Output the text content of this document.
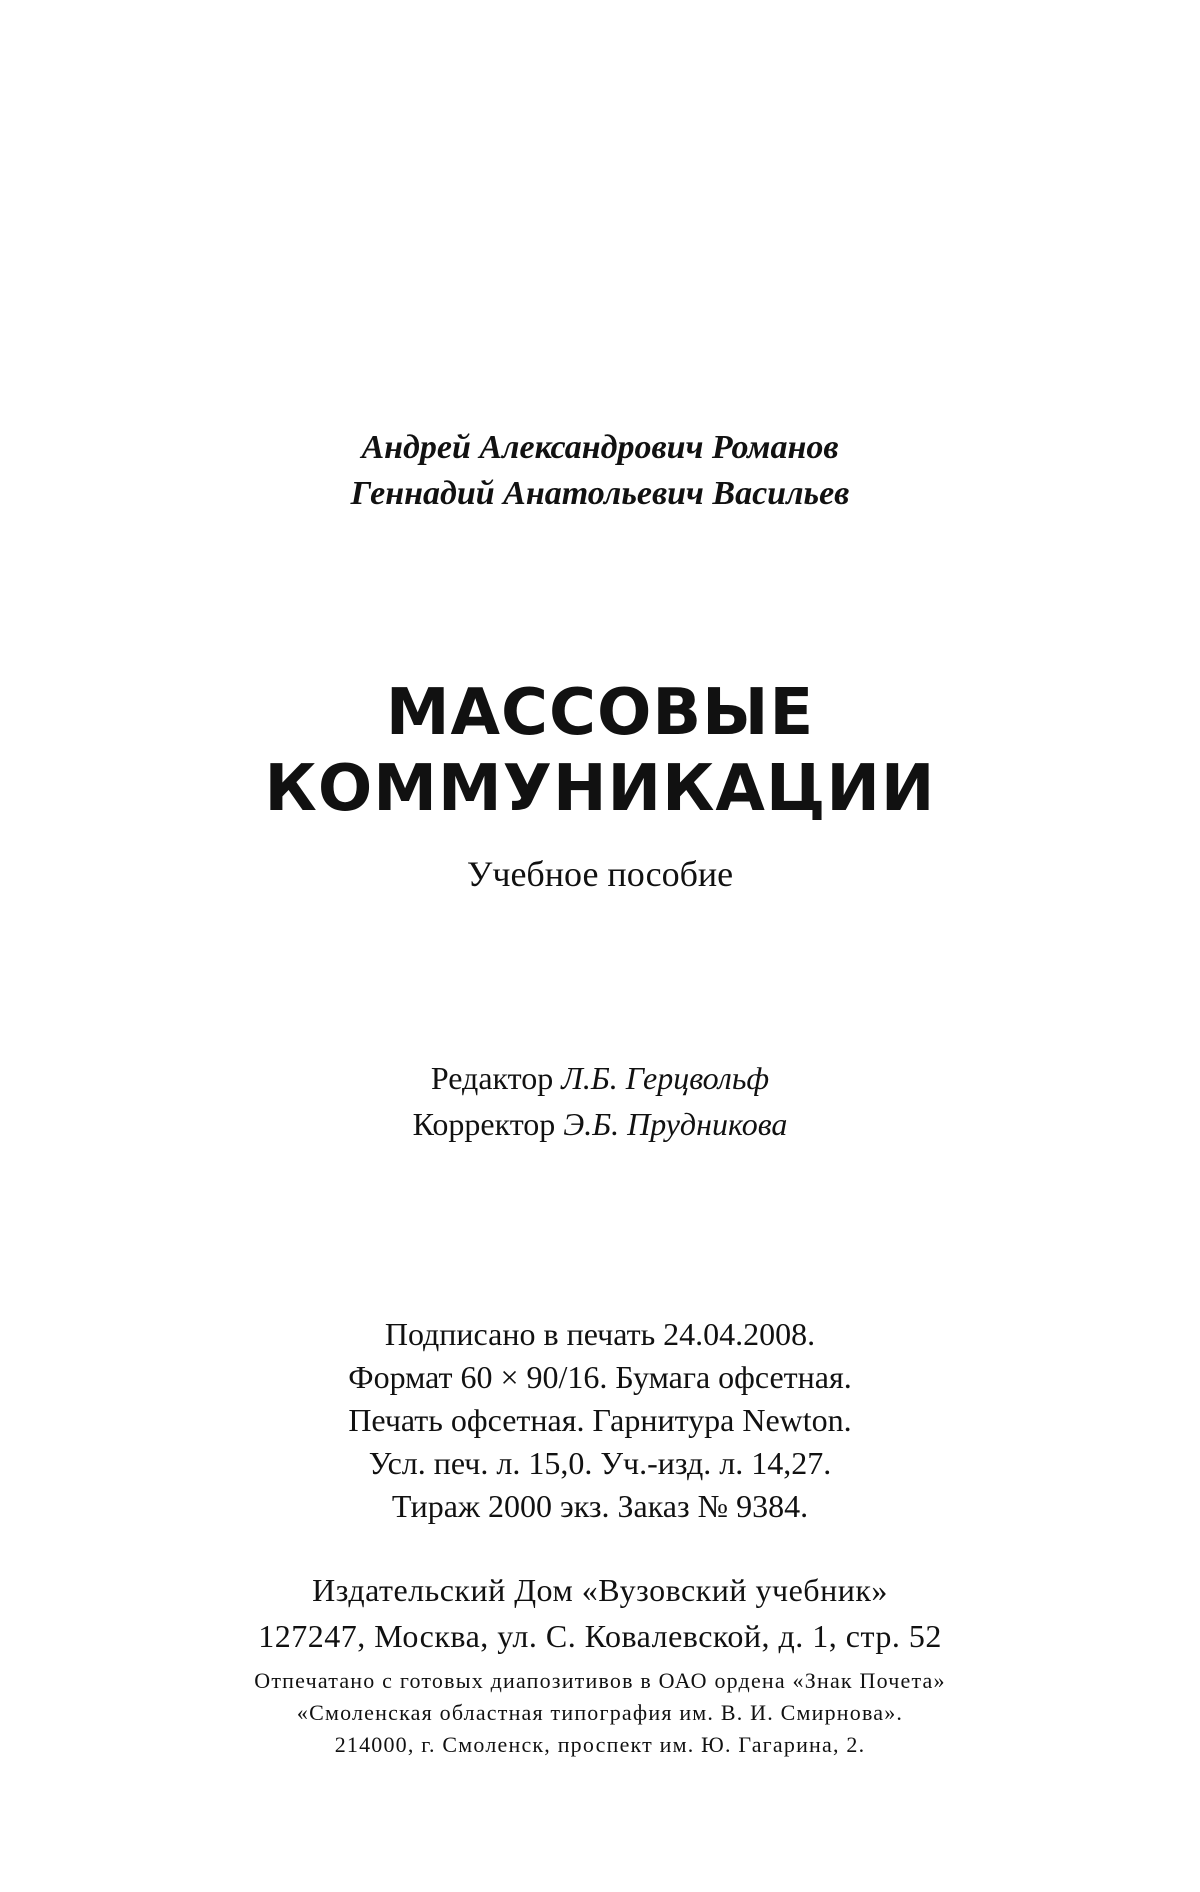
Андрей Александрович Романов
Геннадий Анатольевич Васильев
МАССОВЫЕ
КОММУНИКАЦИИ
Учебное пособие
Редактор Л.Б. Герцвольф
Корректор Э.Б. Прудникова
Подписано в печать 24.04.2008.
Формат 60 × 90/16. Бумага офсетная.
Печать офсетная. Гарнитура Newton.
Усл. печ. л. 15,0. Уч.-изд. л. 14,27.
Тираж 2000 экз. Заказ № 9384.
Издательский Дом «Вузовский учебник»
127247, Москва, ул. С. Ковалевской, д. 1, стр. 52
Отпечатано с готовых диапозитивов в ОАО ордена «Знак Почета»
«Смоленская областная типография им. В. И. Смирнова».
214000, г. Смоленск, проспект им. Ю. Гагарина, 2.
